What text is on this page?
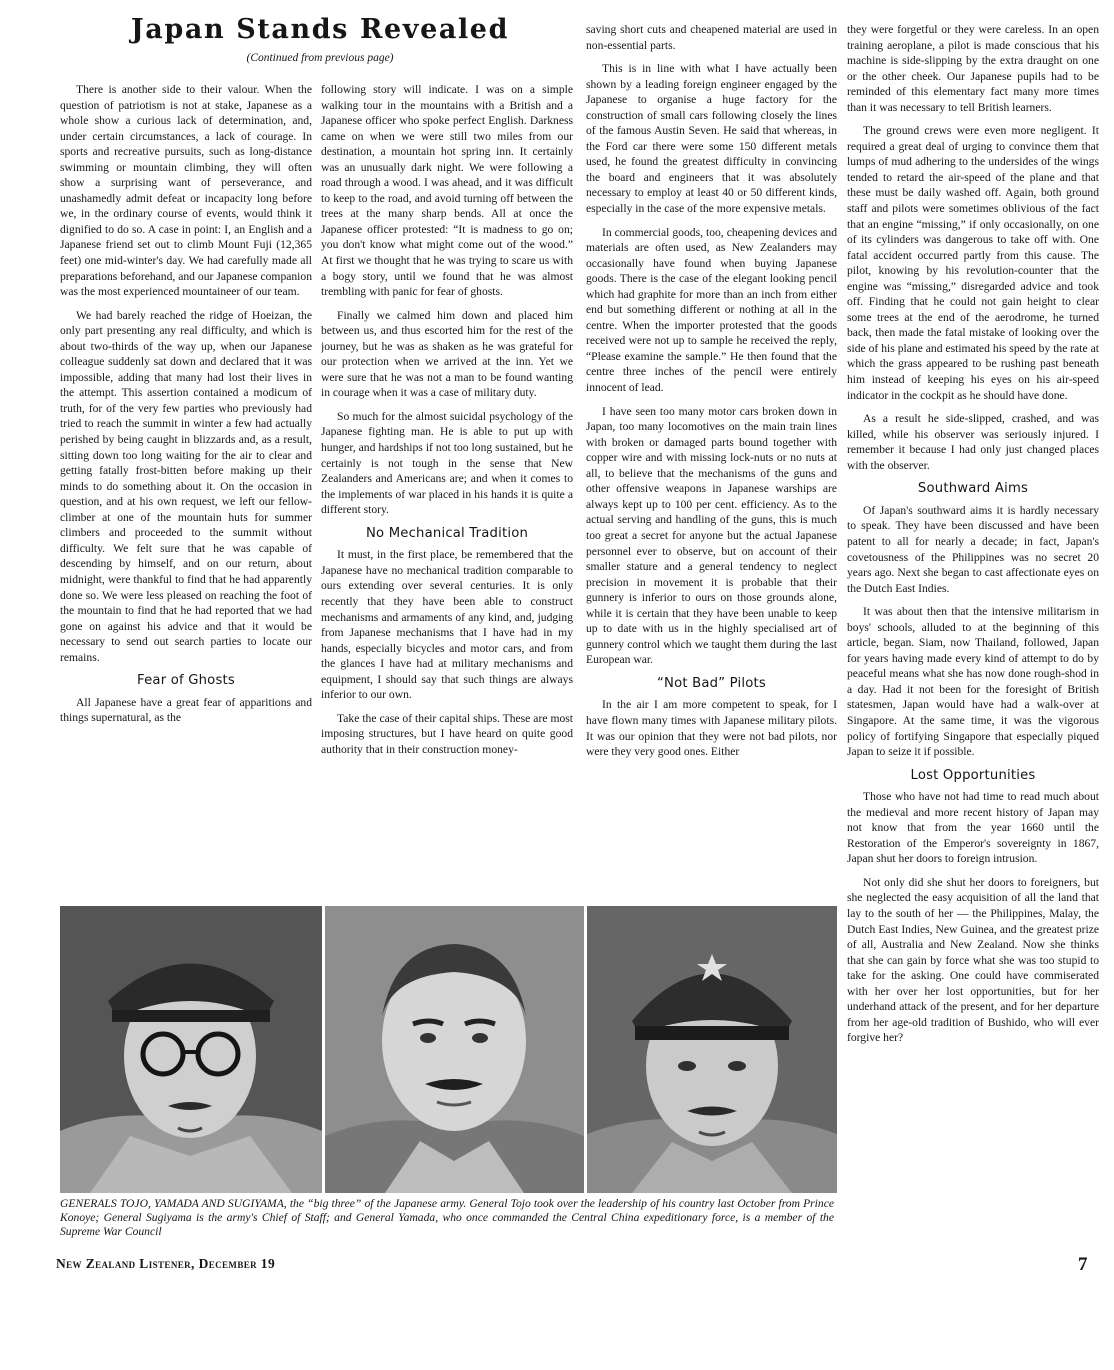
Japan Stands Revealed
(Continued from previous page)

There is another side to their valour. When the question of patriotism is not at stake, Japanese as a whole show a curious lack of determination, and, under certain circumstances, a lack of courage. In sports and recreative pursuits, such as long-distance swimming or mountain climbing, they will often show a surprising want of perseverance, and unashamedly admit defeat or incapacity long before we, in the ordinary course of events, would think it dignified to do so. A case in point: I, an English and a Japanese friend set out to climb Mount Fuji (12,365 feet) one mid-winter's day. We had carefully made all preparations beforehand, and our Japanese companion was the most experienced mountaineer of our team.

We had barely reached the ridge of Hoeizan, the only part presenting any real difficulty, and which is about two-thirds of the way up, when our Japanese colleague suddenly sat down and declared that it was impossible, adding that many had lost their lives in the attempt. This assertion contained a modicum of truth, for of the very few parties who previously had tried to reach the summit in winter a few had actually perished by being caught in blizzards and, as a result, sitting down too long waiting for the air to clear and getting fatally frost-bitten before making up their minds to do something about it. On the occasion in question, and at his own request, we left our fellow-climber at one of the mountain huts for summer climbers and proceeded to the summit without difficulty. We felt sure that he was capable of descending by himself, and on our return, about midnight, were thankful to find that he had apparently done so. We were less pleased on reaching the foot of the mountain to find that he had reported that we had gone on against his advice and that it would be necessary to send out search parties to locate our remains.

Fear of Ghosts

All Japanese have a great fear of apparitions and things supernatural, as the

following story will indicate. I was on a simple walking tour in the mountains with a British and a Japanese officer who spoke perfect English. Darkness came on when we were still two miles from our destination, a mountain hot spring inn. It certainly was an unusually dark night. We were following a road through a wood. I was ahead, and it was difficult to keep to the road, and avoid turning off between the trees at the many sharp bends. All at once the Japanese officer protested: “It is madness to go on; you don't know what might come out of the wood.” At first we thought that he was trying to scare us with a bogy story, until we found that he was almost trembling with panic for fear of ghosts.

Finally we calmed him down and placed him between us, and thus escorted him for the rest of the journey, but he was as shaken as he was grateful for our protection when we arrived at the inn. Yet we were sure that he was not a man to be found wanting in courage when it was a case of military duty.

So much for the almost suicidal psychology of the Japanese fighting man. He is able to put up with hunger, and hardships if not too long sustained, but he certainly is not tough in the sense that New Zealanders and Americans are; and when it comes to the implements of war placed in his hands it is quite a different story.

No Mechanical Tradition

It must, in the first place, be remembered that the Japanese have no mechanical tradition comparable to ours extending over several centuries. It is only recently that they have been able to construct mechanisms and armaments of any kind, and, judging from Japanese mechanisms that I have had in my hands, especially bicycles and motor cars, and from the glances I have had at military mechanisms and equipment, I should say that such things are always inferior to our own.

Take the case of their capital ships. These are most imposing structures, but I have heard on quite good authority that in their construction money-

saving short cuts and cheapened material are used in non-essential parts.

This is in line with what I have actually been shown by a leading foreign engineer engaged by the Japanese to organise a huge factory for the construction of small cars following closely the lines of the famous Austin Seven. He said that whereas, in the Ford car there were some 150 different metals used, he found the greatest difficulty in convincing the board and engineers that it was absolutely necessary to employ at least 40 or 50 different kinds, especially in the case of the more expensive metals.

In commercial goods, too, cheapening devices and materials are often used, as New Zealanders may occasionally have found when buying Japanese goods. There is the case of the elegant looking pencil which had graphite for more than an inch from either end but something different or nothing at all in the centre. When the importer protested that the goods received were not up to sample he received the reply, “Please examine the sample.” He then found that the centre three inches of the pencil were entirely innocent of lead.

I have seen too many motor cars broken down in Japan, too many locomotives on the main train lines with broken or damaged parts bound together with copper wire and with missing lock-nuts or no nuts at all, to believe that the mechanisms of the guns and other offensive weapons in Japanese warships are always kept up to 100 per cent. efficiency. As to the actual serving and handling of the guns, this is much too great a secret for anyone but the actual Japanese personnel ever to observe, but on account of their smaller stature and a general tendency to neglect precision in movement it is probable that their gunnery is inferior to ours on those grounds alone, while it is certain that they have been unable to keep up to date with us in the highly specialised art of gunnery control which we taught them during the last European war.

“Not Bad” Pilots

In the air I am more competent to speak, for I have flown many times with Japanese military pilots. It was our opinion that they were not bad pilots, nor were they very good ones. Either

they were forgetful or they were careless. In an open training aeroplane, a pilot is made conscious that his machine is side-slipping by the extra draught on one or the other cheek. Our Japanese pupils had to be reminded of this elementary fact many more times than it was necessary to tell British learners.

The ground crews were even more negligent. It required a great deal of urging to convince them that lumps of mud adhering to the undersides of the wings tended to retard the air-speed of the plane and that these must be daily washed off. Again, both ground staff and pilots were sometimes oblivious of the fact that an engine “missing,” if only occasionally, on one of its cylinders was dangerous to take off with. One fatal accident occurred partly from this cause. The pilot, knowing by his revolution-counter that the engine was “missing,” disregarded advice and took off. Finding that he could not gain height to clear some trees at the end of the aerodrome, he turned back, then made the fatal mistake of looking over the side of his plane and estimated his speed by the rate at which the grass appeared to be rushing past beneath him instead of keeping his eyes on his air-speed indicator in the cockpit as he should have done.

As a result he side-slipped, crashed, and was killed, while his observer was seriously injured. I remember it because I had only just changed places with the observer.

Southward Aims

Of Japan's southward aims it is hardly necessary to speak. They have been discussed and have been patent to all for nearly a decade; in fact, Japan's covetousness of the Philippines was no secret 20 years ago. Next she began to cast affectionate eyes on the Dutch East Indies.

It was about then that the intensive militarism in boys' schools, alluded to at the beginning of this article, began. Siam, now Thailand, followed, Japan for years having made every kind of attempt to do by peaceful means what she has now done rough-shod in a day. Had it not been for the foresight of British statesmen, Japan would have had a walk-over at Singapore. At the same time, it was the vigorous policy of fortifying Singapore that especially piqued Japan to seize it if possible.

Lost Opportunities

Those who have not had time to read much about the medieval and more recent history of Japan may not know that from the year 1660 until the Restoration of the Emperor's sovereignty in 1867, Japan shut her doors to foreign intrusion.

Not only did she shut her doors to foreigners, but she neglected the easy acquisition of all the land that lay to the south of her — the Philippines, Malay, the Dutch East Indies, New Guinea, and the greatest prize of all, Australia and New Zealand. Now she thinks that she can gain by force what she was too stupid to take for the asking. One could have commiserated with her over her lost opportunities, but for her underhand attack of the present, and for her departure from her age-old tradition of Bushido, who will ever forgive her?

GENERALS TOJO, YAMADA AND SUGIYAMA, the “big three” of the Japanese army. General Tojo took over the leadership of his country last October from Prince Konoye; General Sugiyama is the army's Chief of Staff; and General Yamada, who once commanded the Central China expeditionary force, is a member of the Supreme War Council
New Zealand Listener, December 19	7
